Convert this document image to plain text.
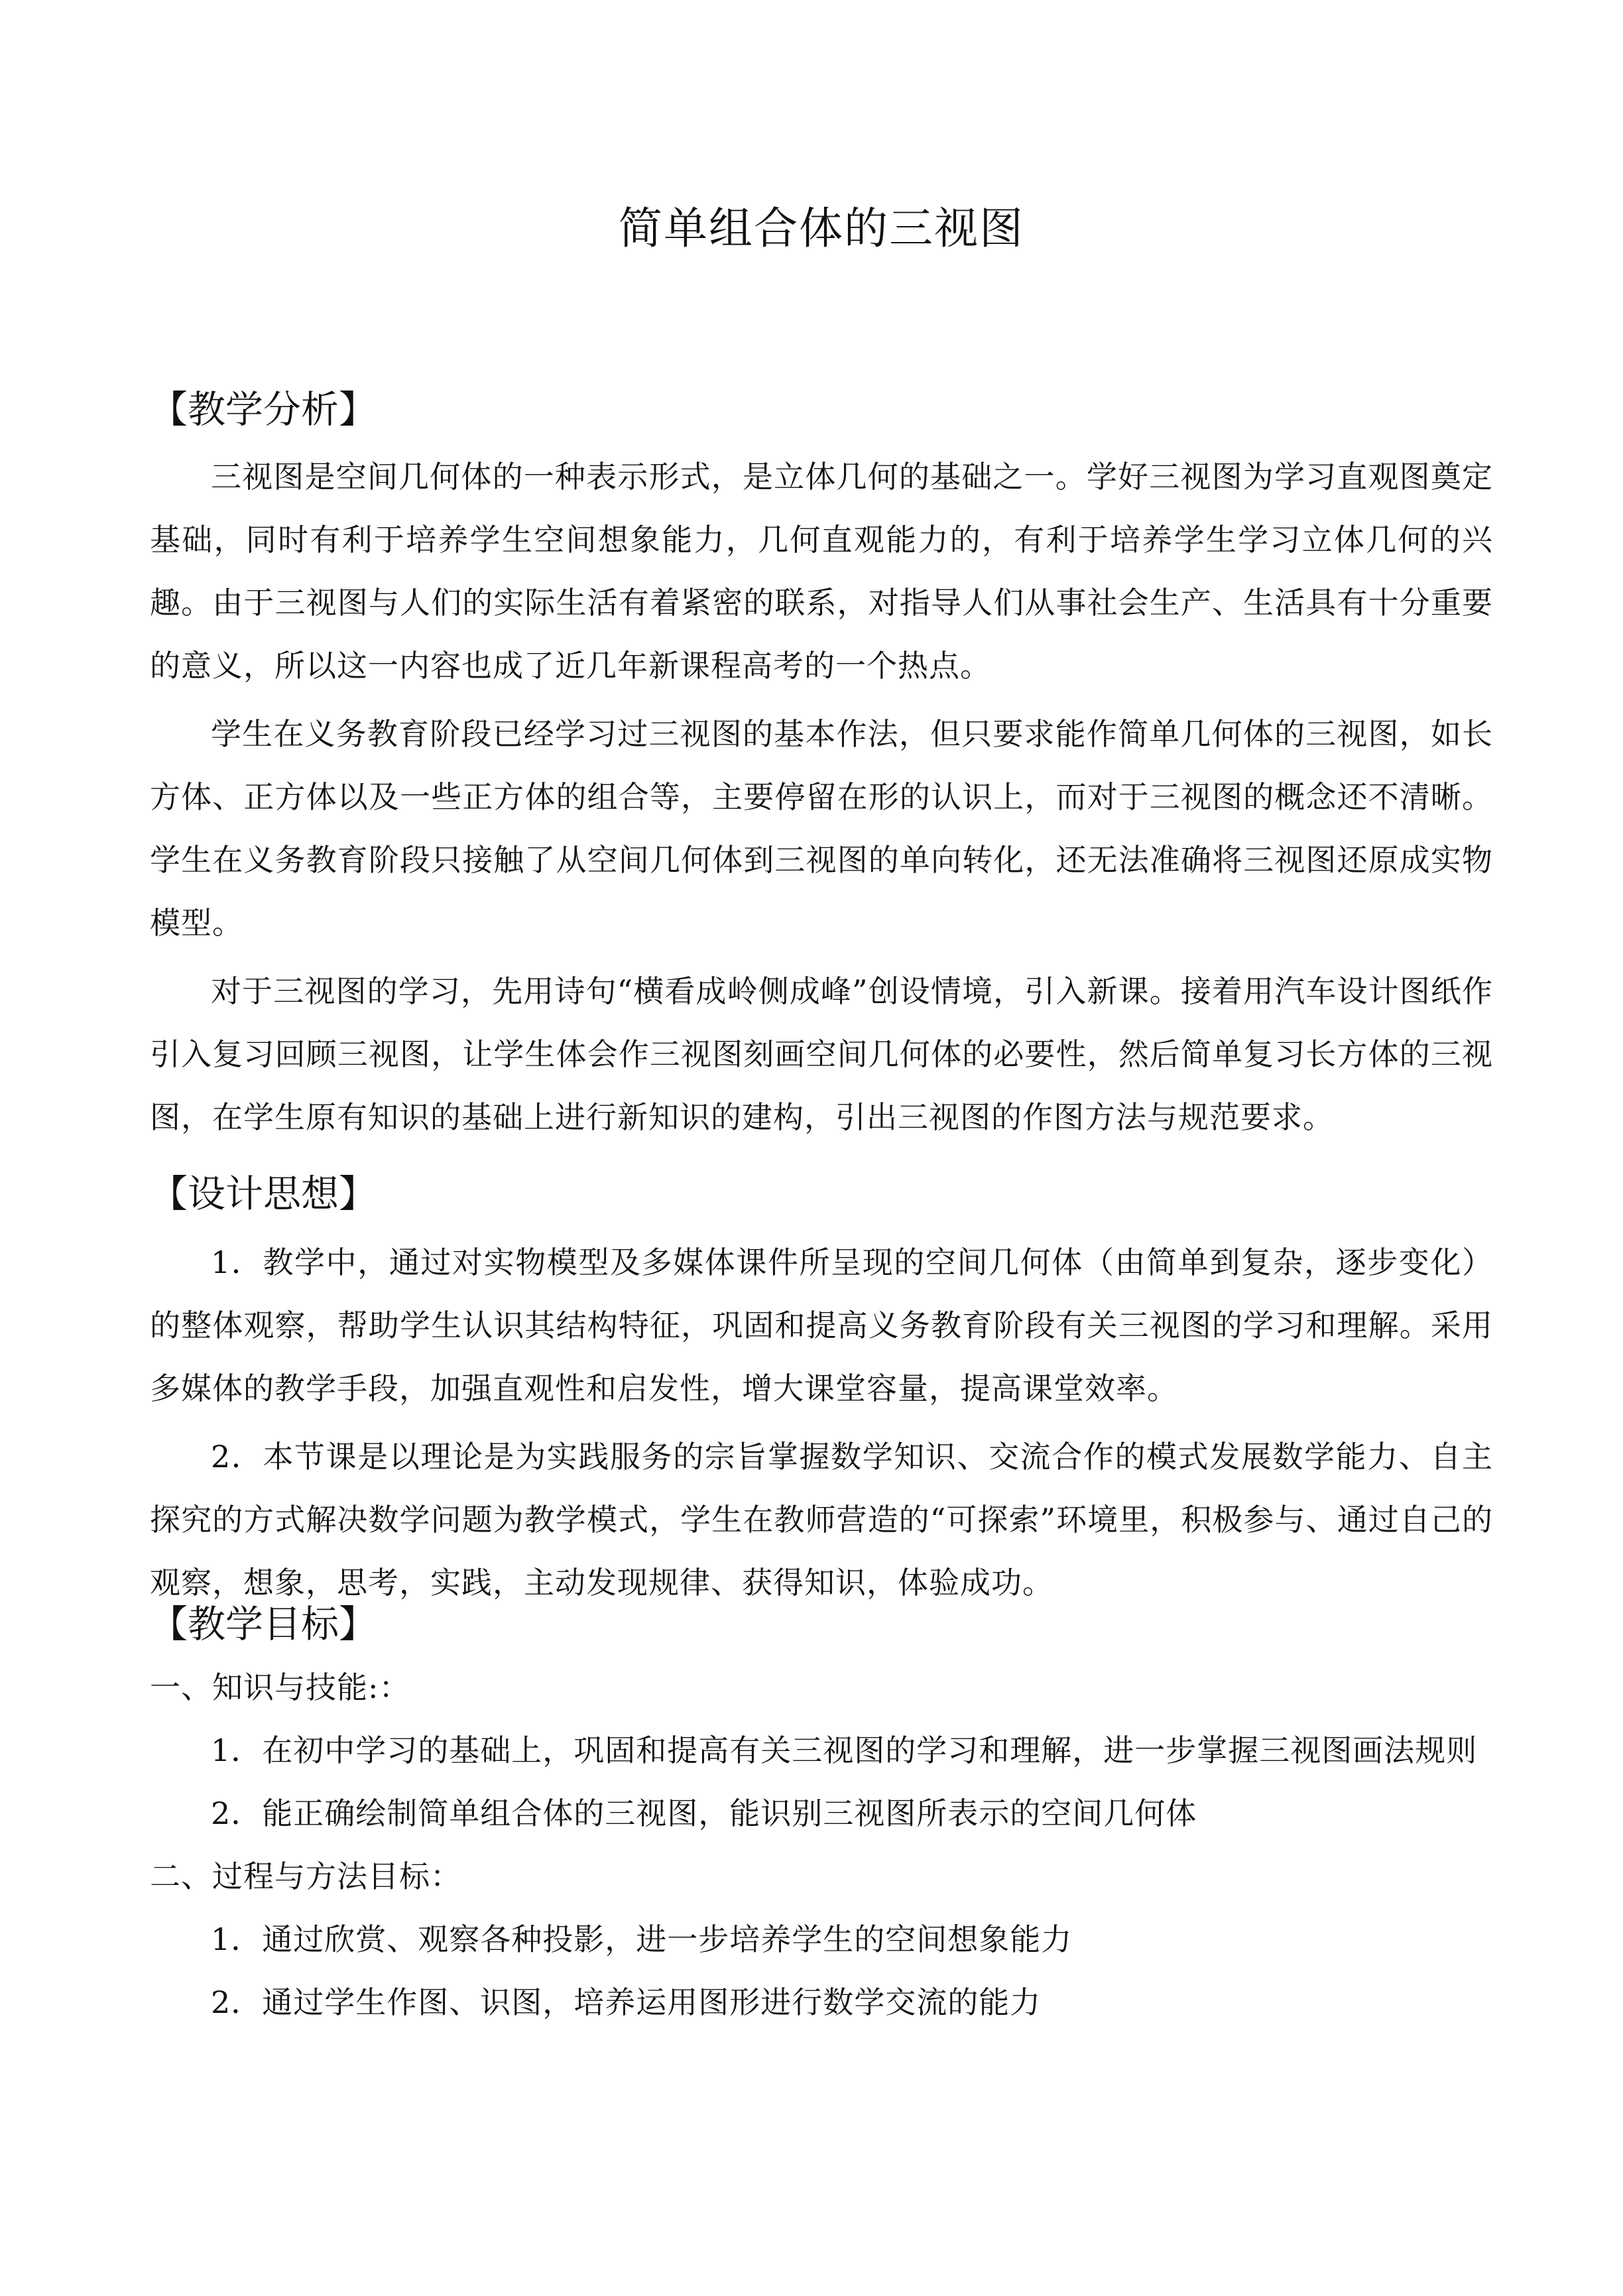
简单组合体的三视图
【教学分析】

三视图是空间几何体的一种表示形式，是立体几何的基础之一。学好三视图为学习直观图奠定基础，同时有利于培养学生空间想象能力，几何直观能力的，有利于培养学生学习立体几何的兴趣。由于三视图与人们的实际生活有着紧密的联系，对指导人们从事社会生产、生活具有十分重要的意义，所以这一内容也成了近几年新课程高考的一个热点。

学生在义务教育阶段已经学习过三视图的基本作法，但只要求能作简单几何体的三视图，如长方体、正方体以及一些正方体的组合等，主要停留在形的认识上，而对于三视图的概念还不清晰。学生在义务教育阶段只接触了从空间几何体到三视图的单向转化，还无法准确将三视图还原成实物模型。

对于三视图的学习，先用诗句“横看成岭侧成峰”创设情境，引入新课。接着用汽车设计图纸作引入复习回顾三视图，让学生体会作三视图刻画空间几何体的必要性，然后简单复习长方体的三视图，在学生原有知识的基础上进行新知识的建构，引出三视图的作图方法与规范要求。

【设计思想】

1．教学中，通过对实物模型及多媒体课件所呈现的空间几何体（由简单到复杂，逐步变化）的整体观察，帮助学生认识其结构特征，巩固和提高义务教育阶段有关三视图的学习和理解。采用多媒体的教学手段，加强直观性和启发性，增大课堂容量，提高课堂效率。

2．本节课是以理论是为实践服务的宗旨掌握数学知识、交流合作的模式发展数学能力、自主探究的方式解决数学问题为教学模式，学生在教师营造的“可探索”环境里，积极参与、通过自己的观察，想象，思考，实践，主动发现规律、获得知识，体验成功。

【教学目标】

一、知识与技能:：

1．在初中学习的基础上，巩固和提高有关三视图的学习和理解，进一步掌握三视图画法规则

2．能正确绘制简单组合体的三视图，能识别三视图所表示的空间几何体

二、过程与方法目标：

1．通过欣赏、观察各种投影，进一步培养学生的空间想象能力

2．通过学生作图、识图，培养运用图形进行数学交流的能力
